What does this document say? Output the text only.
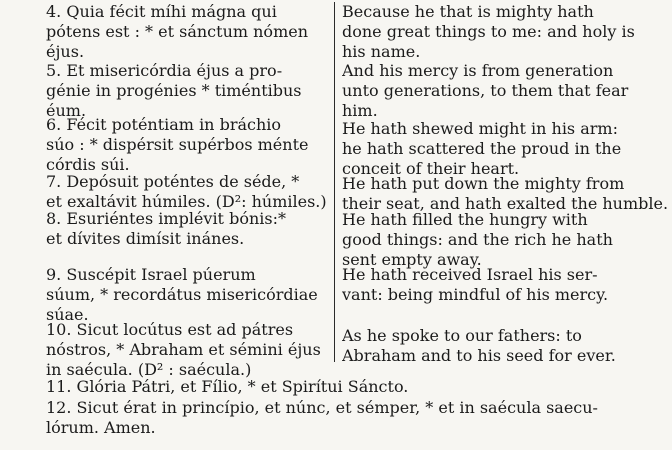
4. Quia fécit míhi mágna qui
pótens est : * et sánctum nómen
éjus.

Because he that is mighty hath
done great things to me: and holy is
his name.

5. Et misericórdia éjus a pro-
génie in progénies * timéntibus
éum.

And his mercy is from generation
unto generations, to them that fear
him.

6. Fécit poténtiam in bráchio
súo : * dispérsit supérbos ménte
córdis súi.

He hath shewed might in his arm:
he hath scattered the proud in the
conceit of their heart.

7. Depósuit poténtes de séde, *
et exaltávit húmiles. (D²: húmiles.)

He hath put down the mighty from
their seat, and hath exalted the humble.

8. Esuriéntes implévit bónis:*
et dívites dimísit inánes.

He hath filled the hungry with
good things: and the rich he hath
sent empty away.

9. Suscépit Israel púerum
súum, * recordátus misericórdiae
súae.

He hath received Israel his ser-
vant: being mindful of his mercy.

10. Sicut locútus est ad pátres
nóstros, * Abraham et sémini éjus
in saécula. (D² : saécula.)

As he spoke to our fathers: to
Abraham and to his seed for ever.

11. Glória Pátri, et Fílio, * et Spirítui Sáncto.

12. Sicut érat in princípio, et núnc, et sémper, * et in saécula saecu-
lórum. Amen.
